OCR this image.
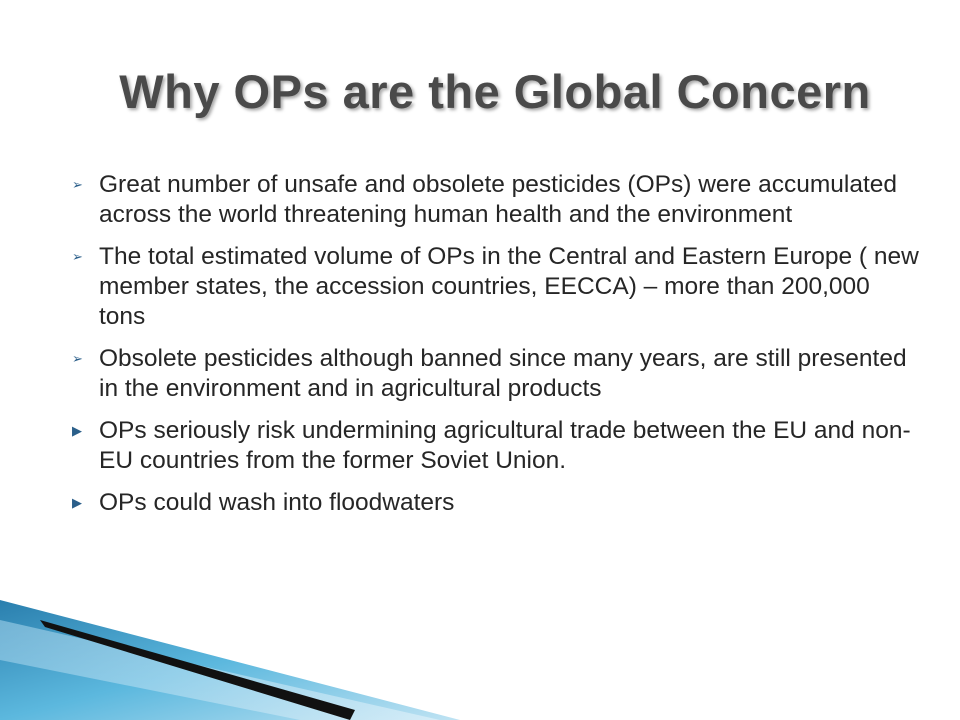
Why OPs are the Global Concern
➢ Great number of unsafe and obsolete pesticides (OPs) were accumulated across the world threatening human health and the environment
➢ The total estimated volume of OPs in the Central and Eastern Europe ( new member states, the accession countries, EECCA) – more than 200,000 tons
➢ Obsolete pesticides although banned since many years, are still presented in the environment and in agricultural products
▶ OPs seriously risk undermining agricultural trade between the EU and non-EU countries from the former Soviet Union.
▶ OPs could wash into floodwaters
